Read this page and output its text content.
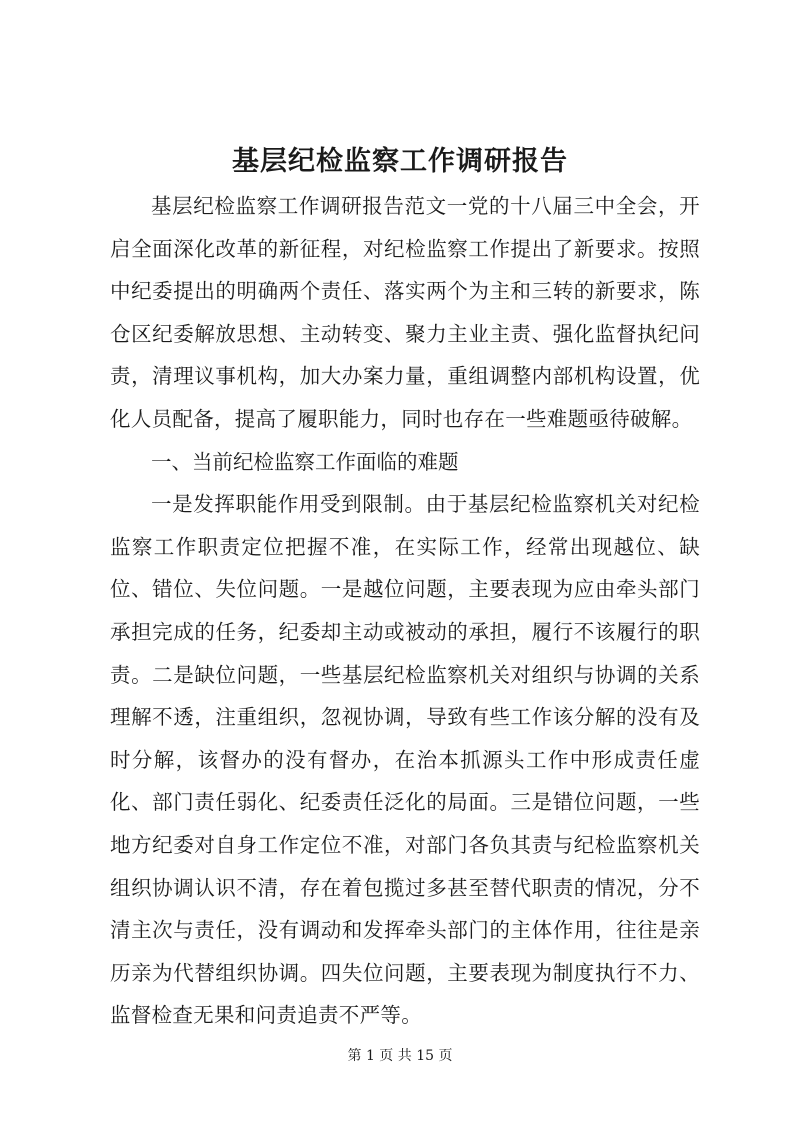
基层纪检监察工作调研报告

基层纪检监察工作调研报告范文一党的十八届三中全会，开启全面深化改革的新征程，对纪检监察工作提出了新要求。按照中纪委提出的明确两个责任、落实两个为主和三转的新要求，陈仓区纪委解放思想、主动转变、聚力主业主责、强化监督执纪问责，清理议事机构，加大办案力量，重组调整内部机构设置，优化人员配备，提高了履职能力，同时也存在一些难题亟待破解。

一、当前纪检监察工作面临的难题

一是发挥职能作用受到限制。由于基层纪检监察机关对纪检监察工作职责定位把握不准，在实际工作，经常出现越位、缺位、错位、失位问题。一是越位问题，主要表现为应由牵头部门承担完成的任务，纪委却主动或被动的承担，履行不该履行的职责。二是缺位问题，一些基层纪检监察机关对组织与协调的关系理解不透，注重组织，忽视协调，导致有些工作该分解的没有及时分解，该督办的没有督办，在治本抓源头工作中形成责任虚化、部门责任弱化、纪委责任泛化的局面。三是错位问题，一些地方纪委对自身工作定位不准，对部门各负其责与纪检监察机关组织协调认识不清，存在着包揽过多甚至替代职责的情况，分不清主次与责任，没有调动和发挥牵头部门的主体作用，往往是亲历亲为代替组织协调。四失位问题，主要表现为制度执行不力、监督检查无果和问责追责不严等。

第 1 页 共 15 页
